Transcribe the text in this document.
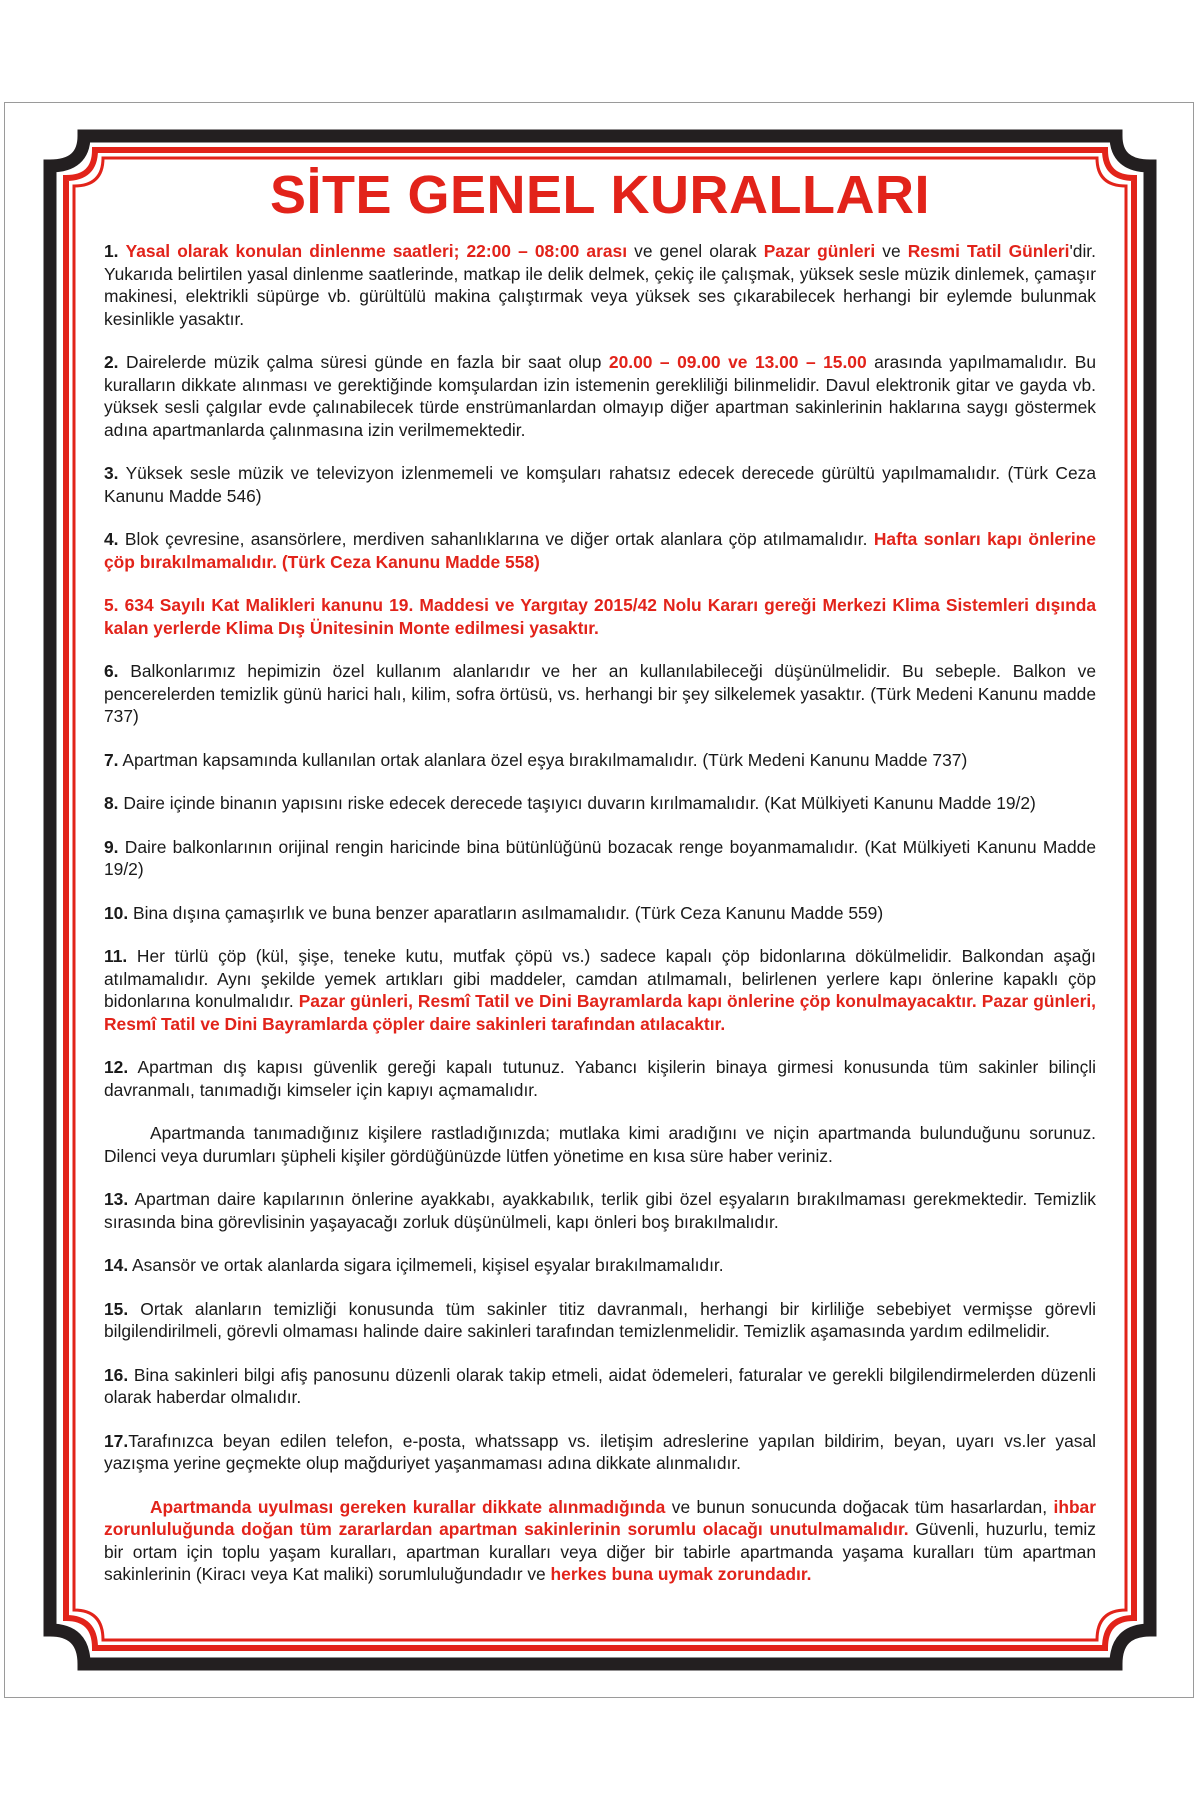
SİTE GENEL KURALLARI

1. Yasal olarak konulan dinlenme saatleri; 22:00 – 08:00 arası ve genel olarak Pazar günleri ve Resmi Tatil Günleri'dir. Yukarıda belirtilen yasal dinlenme saatlerinde, matkap ile delik delmek, çekiç ile çalışmak, yüksek sesle müzik dinlemek, çamaşır makinesi, elektrikli süpürge vb. gürültülü makina çalıştırmak veya yüksek ses çıkarabilecek herhangi bir eylemde bulunmak kesinlikle yasaktır.

2. Dairelerde müzik çalma süresi günde en fazla bir saat olup 20.00 – 09.00 ve 13.00 – 15.00 arasında yapılmamalıdır. Bu kuralların dikkate alınması ve gerektiğinde komşulardan izin istemenin gerekliliği bilinmelidir. Davul elektronik gitar ve gayda vb. yüksek sesli çalgılar evde çalınabilecek türde enstrümanlardan olmayıp diğer apartman sakinlerinin haklarına saygı göstermek adına apartmanlarda çalınmasına izin verilmemektedir.

3. Yüksek sesle müzik ve televizyon izlenmemeli ve komşuları rahatsız edecek derecede gürültü yapılmamalıdır. (Türk Ceza Kanunu Madde 546)

4. Blok çevresine, asansörlere, merdiven sahanlıklarına ve diğer ortak alanlara çöp atılmamalıdır. Hafta sonları kapı önlerine çöp bırakılmamalıdır. (Türk Ceza Kanunu Madde 558)

5. 634 Sayılı Kat Malikleri kanunu 19. Maddesi ve Yargıtay 2015/42 Nolu Kararı gereği Merkezi Klima Sistemleri dışında kalan yerlerde Klima Dış Ünitesinin Monte edilmesi yasaktır.

6. Balkonlarımız hepimizin özel kullanım alanlarıdır ve her an kullanılabileceği düşünülmelidir. Bu sebeple. Balkon ve pencerelerden temizlik günü harici halı, kilim, sofra örtüsü, vs. herhangi bir şey silkelemek yasaktır. (Türk Medeni Kanunu madde 737)

7. Apartman kapsamında kullanılan ortak alanlara özel eşya bırakılmamalıdır. (Türk Medeni Kanunu Madde 737)

8. Daire içinde binanın yapısını riske edecek derecede taşıyıcı duvarın kırılmamalıdır. (Kat Mülkiyeti Kanunu Madde 19/2)

9. Daire balkonlarının orijinal rengin haricinde bina bütünlüğünü bozacak renge boyanmamalıdır. (Kat Mülkiyeti Kanunu Madde 19/2)

10. Bina dışına çamaşırlık ve buna benzer aparatların asılmamalıdır. (Türk Ceza Kanunu Madde 559)

11. Her türlü çöp (kül, şişe, teneke kutu, mutfak çöpü vs.) sadece kapalı çöp bidonlarına dökülmelidir. Balkondan aşağı atılmamalıdır. Aynı şekilde yemek artıkları gibi maddeler, camdan atılmamalı, belirlenen yerlere kapı önlerine kapaklı çöp bidonlarına konulmalıdır. Pazar günleri, Resmî Tatil ve Dini Bayramlarda kapı önlerine çöp konulmayacaktır. Pazar günleri, Resmî Tatil ve Dini Bayramlarda çöpler daire sakinleri tarafından atılacaktır.

12. Apartman dış kapısı güvenlik gereği kapalı tutunuz. Yabancı kişilerin binaya girmesi konusunda tüm sakinler bilinçli davranmalı, tanımadığı kimseler için kapıyı açmamalıdır.

Apartmanda tanımadığınız kişilere rastladığınızda; mutlaka kimi aradığını ve niçin apartmanda bulunduğunu sorunuz. Dilenci veya durumları şüpheli kişiler gördüğünüzde lütfen yönetime en kısa süre haber veriniz.

13. Apartman daire kapılarının önlerine ayakkabı, ayakkabılık, terlik gibi özel eşyaların bırakılmaması gerekmektedir. Temizlik sırasında bina görevlisinin yaşayacağı zorluk düşünülmeli, kapı önleri boş bırakılmalıdır.

14. Asansör ve ortak alanlarda sigara içilmemeli, kişisel eşyalar bırakılmamalıdır.

15. Ortak alanların temizliği konusunda tüm sakinler titiz davranmalı, herhangi bir kirliliğe sebebiyet vermişse görevli bilgilendirilmeli, görevli olmaması halinde daire sakinleri tarafından temizlenmelidir. Temizlik aşamasında yardım edilmelidir.

16. Bina sakinleri bilgi afiş panosunu düzenli olarak takip etmeli, aidat ödemeleri, faturalar ve gerekli bilgilendirmelerden düzenli olarak haberdar olmalıdır.

17.Tarafınızca beyan edilen telefon, e-posta, whatssapp vs. iletişim adreslerine yapılan bildirim, beyan, uyarı vs.ler yasal yazışma yerine geçmekte olup mağduriyet yaşanmaması adına dikkate alınmalıdır.

Apartmanda uyulması gereken kurallar dikkate alınmadığında ve bunun sonucunda doğacak tüm hasarlardan, ihbar zorunluluğunda doğan tüm zararlardan apartman sakinlerinin sorumlu olacağı unutulmamalıdır. Güvenli, huzurlu, temiz bir ortam için toplu yaşam kuralları, apartman kuralları veya diğer bir tabirle apartmanda yaşama kuralları tüm apartman sakinlerinin (Kiracı veya Kat maliki) sorumluluğundadır ve herkes buna uymak zorundadır.
